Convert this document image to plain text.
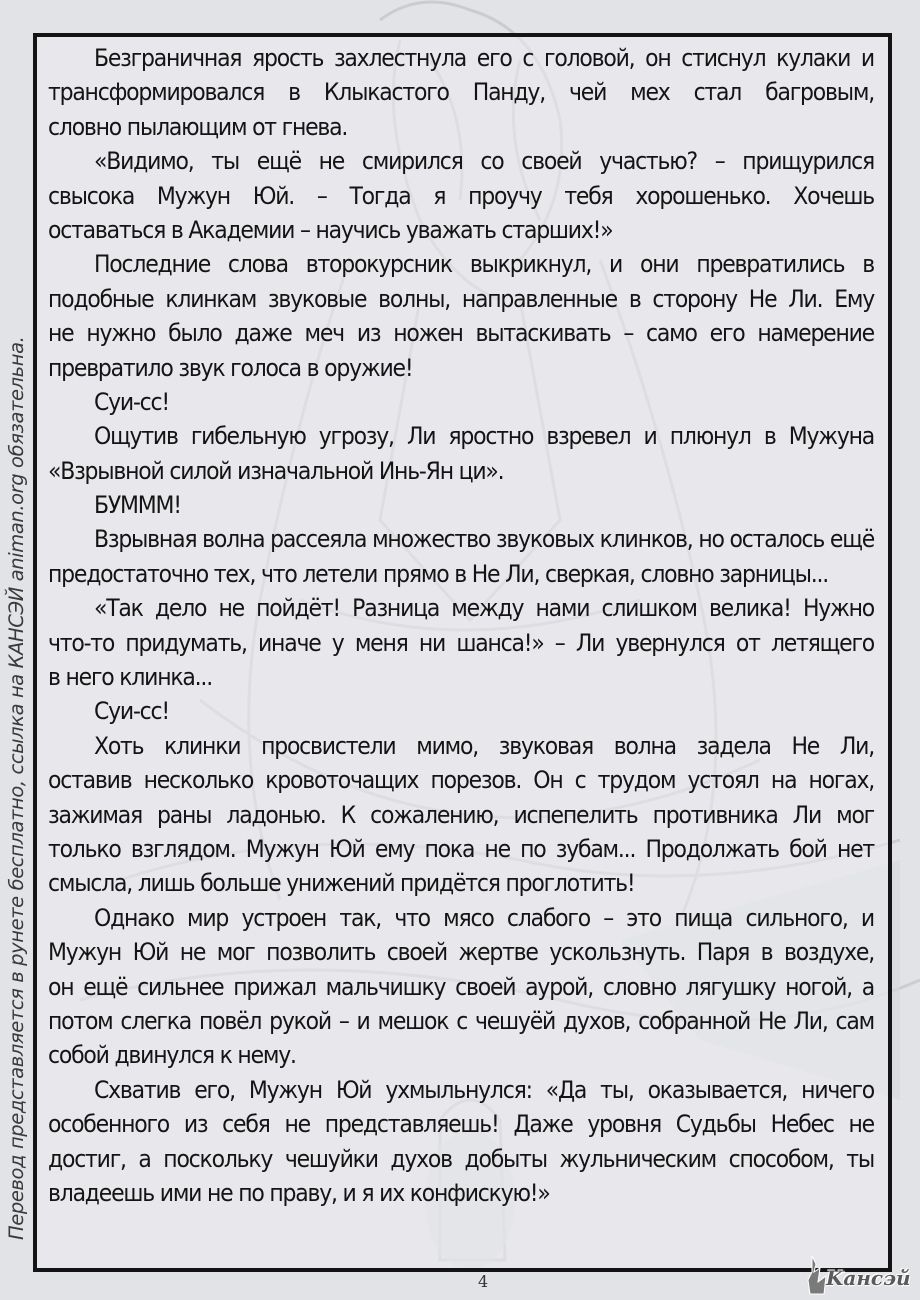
Перевод представляется в рунете бесплатно, ссылка на КАНСЭЙ animan.org обязательна.
Безграничная ярость захлестнула его с головой, он стиснул кулаки и
трансформировался в Клыкастого Панду, чей мех стал багровым,
словно пылающим от гнева.
«Видимо, ты ещё не смирился со своей участью? – прищурился
свысока Мужун Юй. – Тогда я проучу тебя хорошенько. Хочешь
оставаться в Академии – научись уважать старших!»
Последние слова второкурсник выкрикнул, и они превратились в
подобные клинкам звуковые волны, направленные в сторону Не Ли. Ему
не нужно было даже меч из ножен вытаскивать – само его намерение
превратило звук голоса в оружие!
Суи-сс!
Ощутив гибельную угрозу, Ли яростно взревел и плюнул в Мужуна
«Взрывной силой изначальной Инь-Ян ци».
БУМММ!
Взрывная волна рассеяла множество звуковых клинков, но осталось ещё
предостаточно тех, что летели прямо в Не Ли, сверкая, словно зарницы...
«Так дело не пойдёт! Разница между нами слишком велика! Нужно
что-то придумать, иначе у меня ни шанса!» – Ли увернулся от летящего
в него клинка...
Суи-сс!
Хоть клинки просвистели мимо, звуковая волна задела Не Ли,
оставив несколько кровоточащих порезов. Он с трудом устоял на ногах,
зажимая раны ладонью. К сожалению, испепелить противника Ли мог
только взглядом. Мужун Юй ему пока не по зубам... Продолжать бой нет
смысла, лишь больше унижений придётся проглотить!
Однако мир устроен так, что мясо слабого – это пища сильного, и
Мужун Юй не мог позволить своей жертве ускользнуть. Паря в воздухе,
он ещё сильнее прижал мальчишку своей аурой, словно лягушку ногой, а
потом слегка повёл рукой – и мешок с чешуёй духов, собранной Не Ли, сам
собой двинулся к нему.
Схватив его, Мужун Юй ухмыльнулся: «Да ты, оказывается, ничего
особенного из себя не представляешь! Даже уровня Судьбы Небес не
достиг, а поскольку чешуйки духов добыты жульническим способом, ты
владеешь ими не по праву, и я их конфискую!»
4	Kaнсэй
